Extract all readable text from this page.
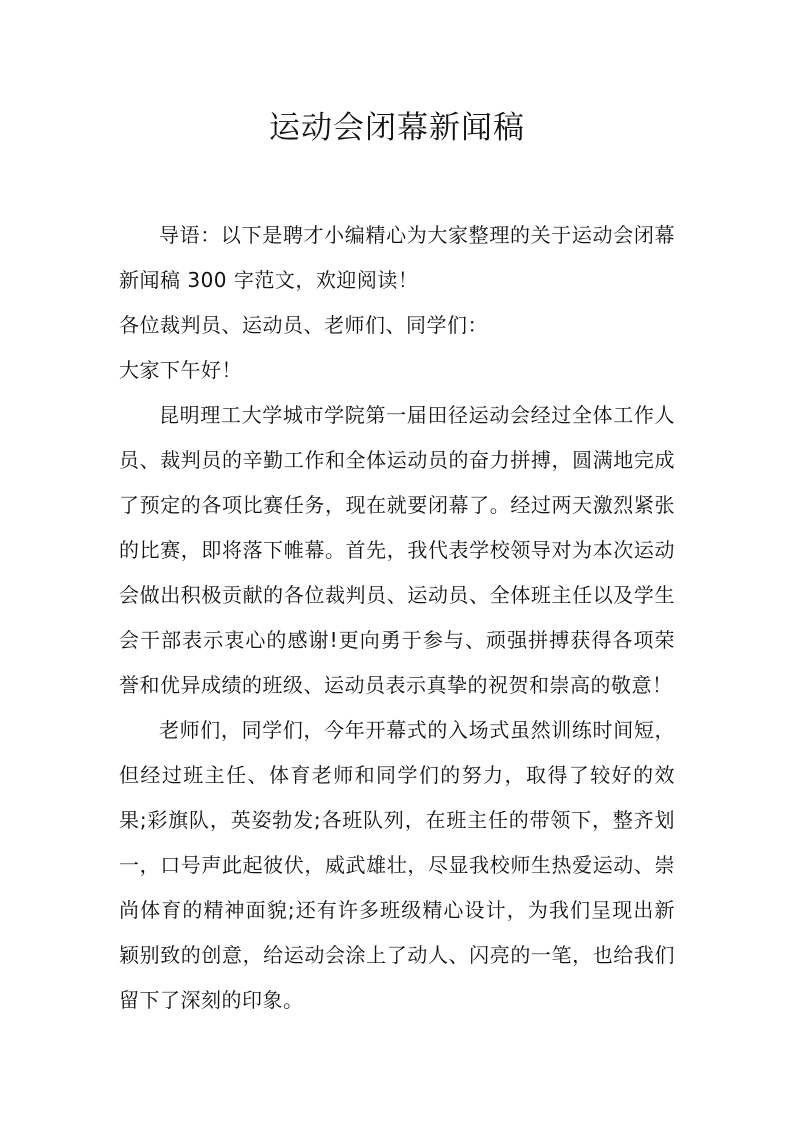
运动会闭幕新闻稿

导语：以下是聘才小编精心为大家整理的关于运动会闭幕新闻稿 300 字范文，欢迎阅读！

各位裁判员、运动员、老师们、同学们：

大家下午好！

昆明理工大学城市学院第一届田径运动会经过全体工作人员、裁判员的辛勤工作和全体运动员的奋力拼搏，圆满地完成了预定的各项比赛任务，现在就要闭幕了。经过两天激烈紧张的比赛，即将落下帷幕。首先，我代表学校领导对为本次运动会做出积极贡献的各位裁判员、运动员、全体班主任以及学生会干部表示衷心的感谢!更向勇于参与、顽强拼搏获得各项荣誉和优异成绩的班级、运动员表示真挚的祝贺和崇高的敬意！

老师们，同学们，今年开幕式的入场式虽然训练时间短，但经过班主任、体育老师和同学们的努力，取得了较好的效果;彩旗队，英姿勃发;各班队列，在班主任的带领下，整齐划一，口号声此起彼伏，威武雄壮，尽显我校师生热爱运动、崇尚体育的精神面貌;还有许多班级精心设计，为我们呈现出新颖别致的创意，给运动会涂上了动人、闪亮的一笔，也给我们留下了深刻的印象。
